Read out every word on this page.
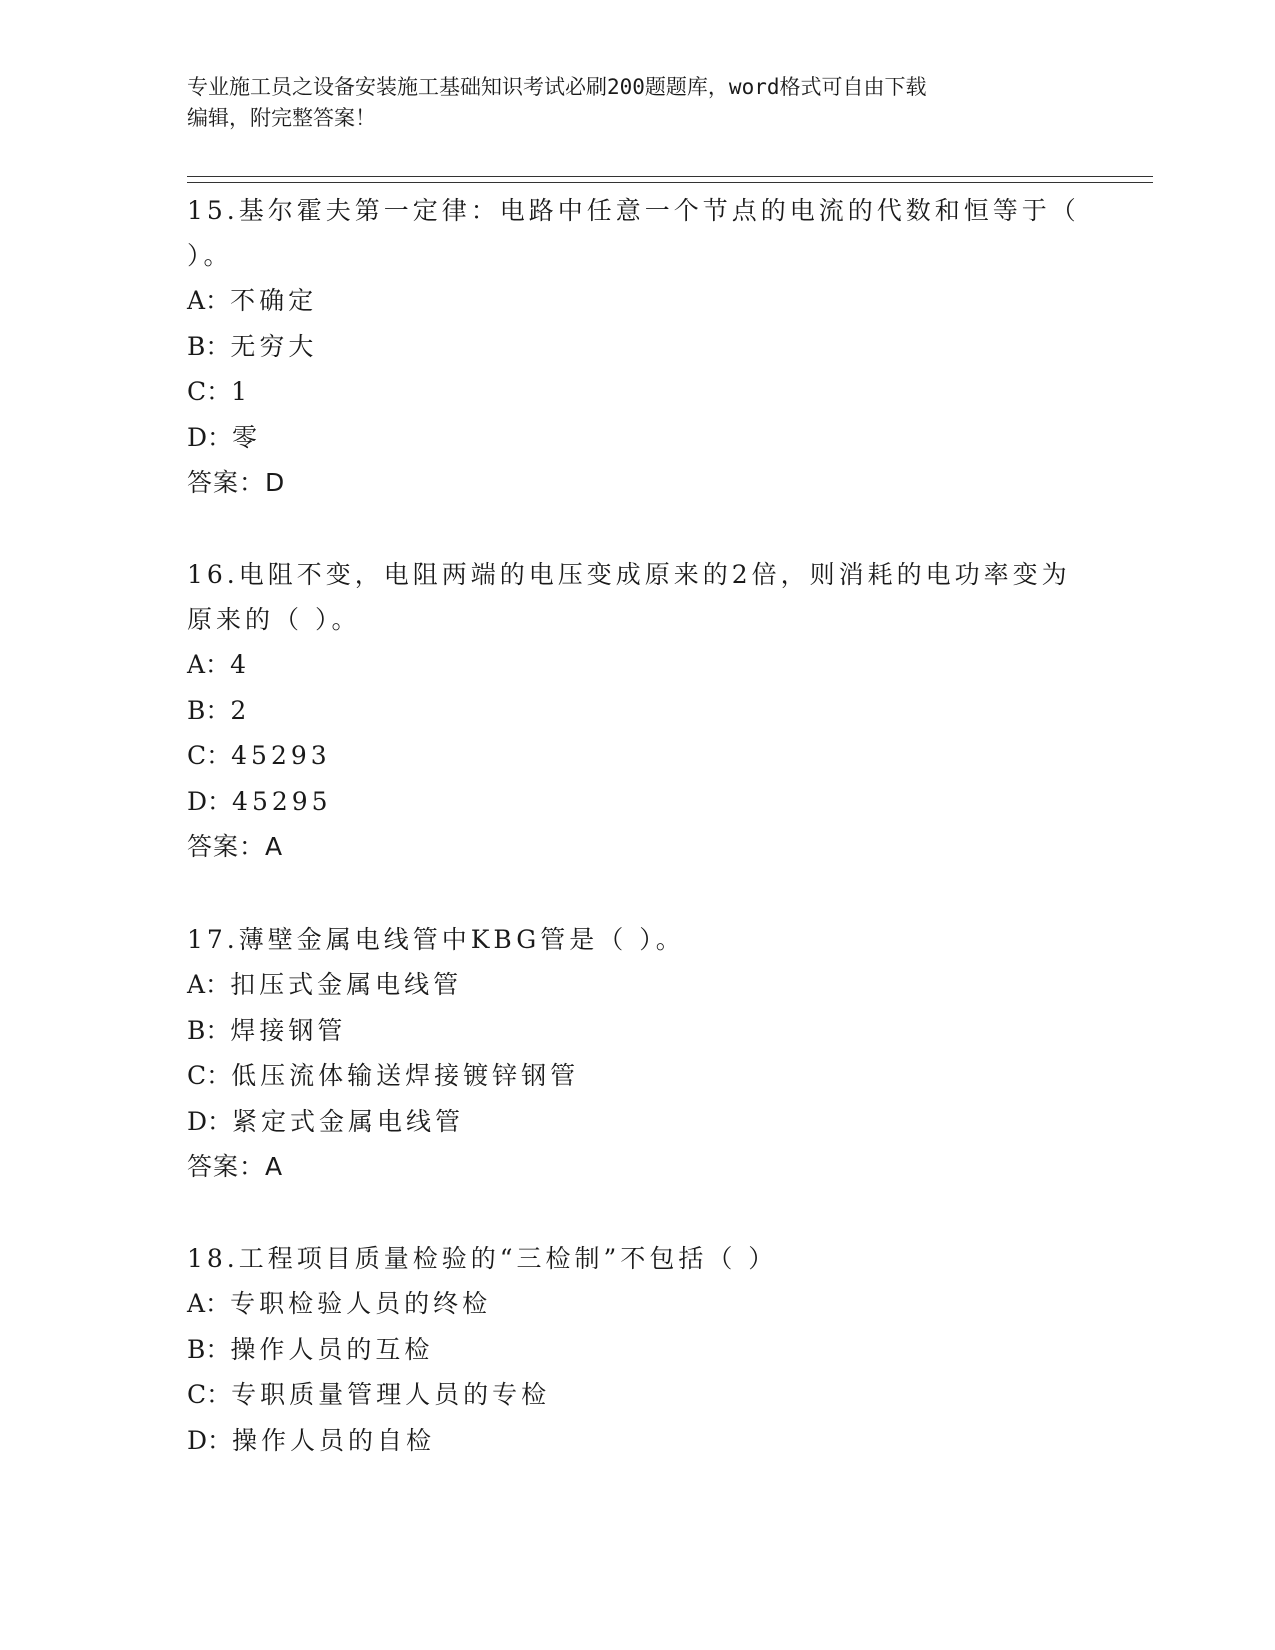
专业施工员之设备安装施工基础知识考试必刷200题题库，word格式可自由下载
编辑，附完整答案！

15.基尔霍夫第一定律：电路中任意一个节点的电流的代数和恒等于（

）。

A：不确定

B：无穷大

C：1

D：零

答案：D

16.电阻不变，电阻两端的电压变成原来的2倍，则消耗的电功率变为

原来的（ ）。

A：4

B：2

C：45293

D：45295

答案：A

17.薄壁金属电线管中KBG管是（ ）。

A：扣压式金属电线管

B：焊接钢管

C：低压流体输送焊接镀锌钢管

D：紧定式金属电线管

答案：A

18.工程项目质量检验的“三检制”不包括（ ）

A：专职检验人员的终检

B：操作人员的互检

C：专职质量管理人员的专检

D：操作人员的自检
